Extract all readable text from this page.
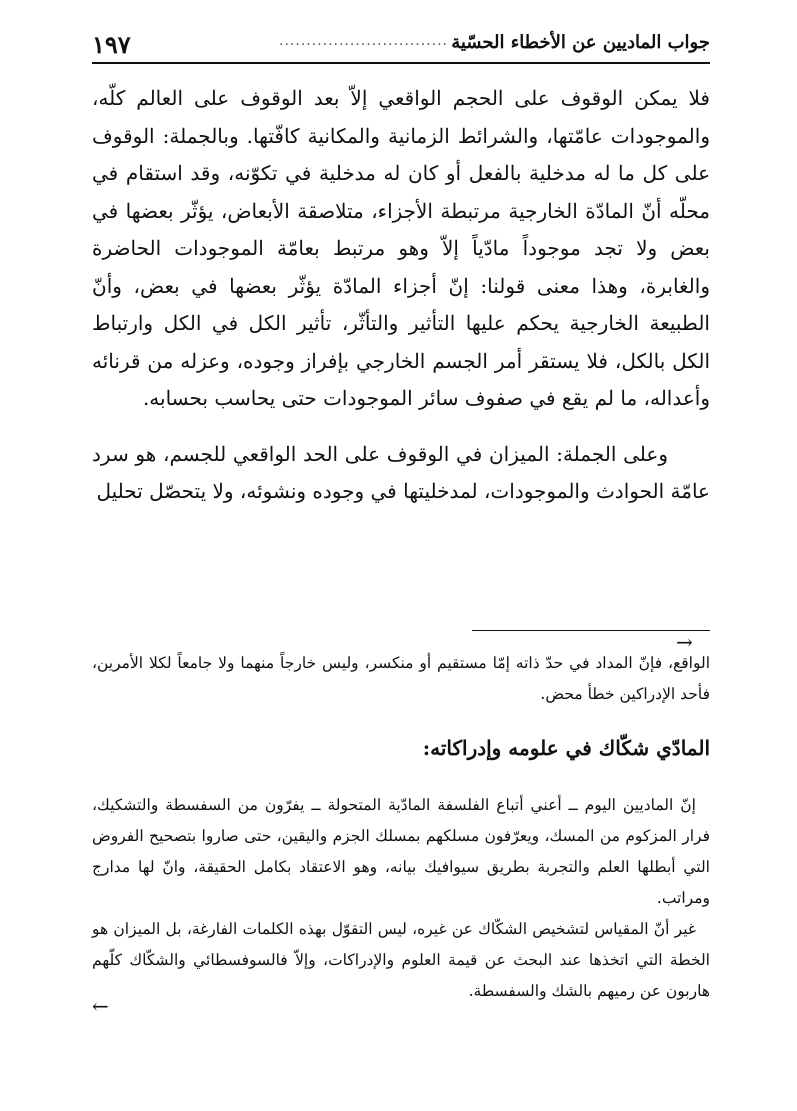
جواب الماديين عن الأخطاء الحسّية
...............................
١٩٧

فلا يمكن الوقوف على الحجم الواقعي إلاّ بعد الوقوف على العالم كلّه، والموجودات عامّتها، والشرائط الزمانية والمكانية كافّتها. وبالجملة: الوقوف على كل ما له مدخلية بالفعل أو كان له مدخلية في تكوّنه، وقد استقام في محلّه أنّ المادّة الخارجية مرتبطة الأجزاء، متلاصقة الأبعاض، يؤثّر بعضها في بعض ولا تجد موجوداً مادّياً إلاّ وهو مرتبط بعامّة الموجودات الحاضرة والغابرة، وهذا معنى قولنا: إنّ أجزاء المادّة يؤثّر بعضها في بعض، وأنّ الطبيعة الخارجية يحكم عليها التأثير والتأثّر، تأثير الكل في الكل وارتباط الكل بالكل، فلا يستقر أمر الجسم الخارجي بإفراز وجوده، وعزله من قرنائه وأعداله، ما لم يقع في صفوف سائر الموجودات حتى يحاسب بحسابه.

وعلى الجملة: الميزان في الوقوف على الحد الواقعي للجسم، هو سرد عامّة الحوادث والموجودات، لمدخليتها في وجوده ونشوئه، ولا يتحصّل تحليل

→

الواقع، فإنّ المداد في حدّ ذاته إمّا مستقيم أو منكسر، وليس خارجاً منهما ولا جامعاً لكلا الأمرين، فأحد الإدراكين خطأ محض.

المادّي شكّاك في علومه وإدراكاته:

إنّ الماديين اليوم ــ أعني أتباع الفلسفة المادّية المتحولة ــ يفرّون من السفسطة والتشكيك، فرار المزكوم من المسك، ويعرّفون مسلكهم بمسلك الجزم واليقين، حتى صاروا بتصحيح الفروض التي أبطلها العلم والتجربة بطريق سيوافيك بيانه، وهو الاعتقاد بكامل الحقيقة، وانّ لها مدارج ومراتب.

غير أنّ المقياس لتشخيص الشكّاك عن غيره، ليس التقوّل بهذه الكلمات الفارغة، بل الميزان هو الخطة التي اتخذها عند البحث عن قيمة العلوم والإدراكات، وإلاّ فالسوفسطائي والشكّاك كلّهم هاربون عن رميهم بالشك والسفسطة.

←
